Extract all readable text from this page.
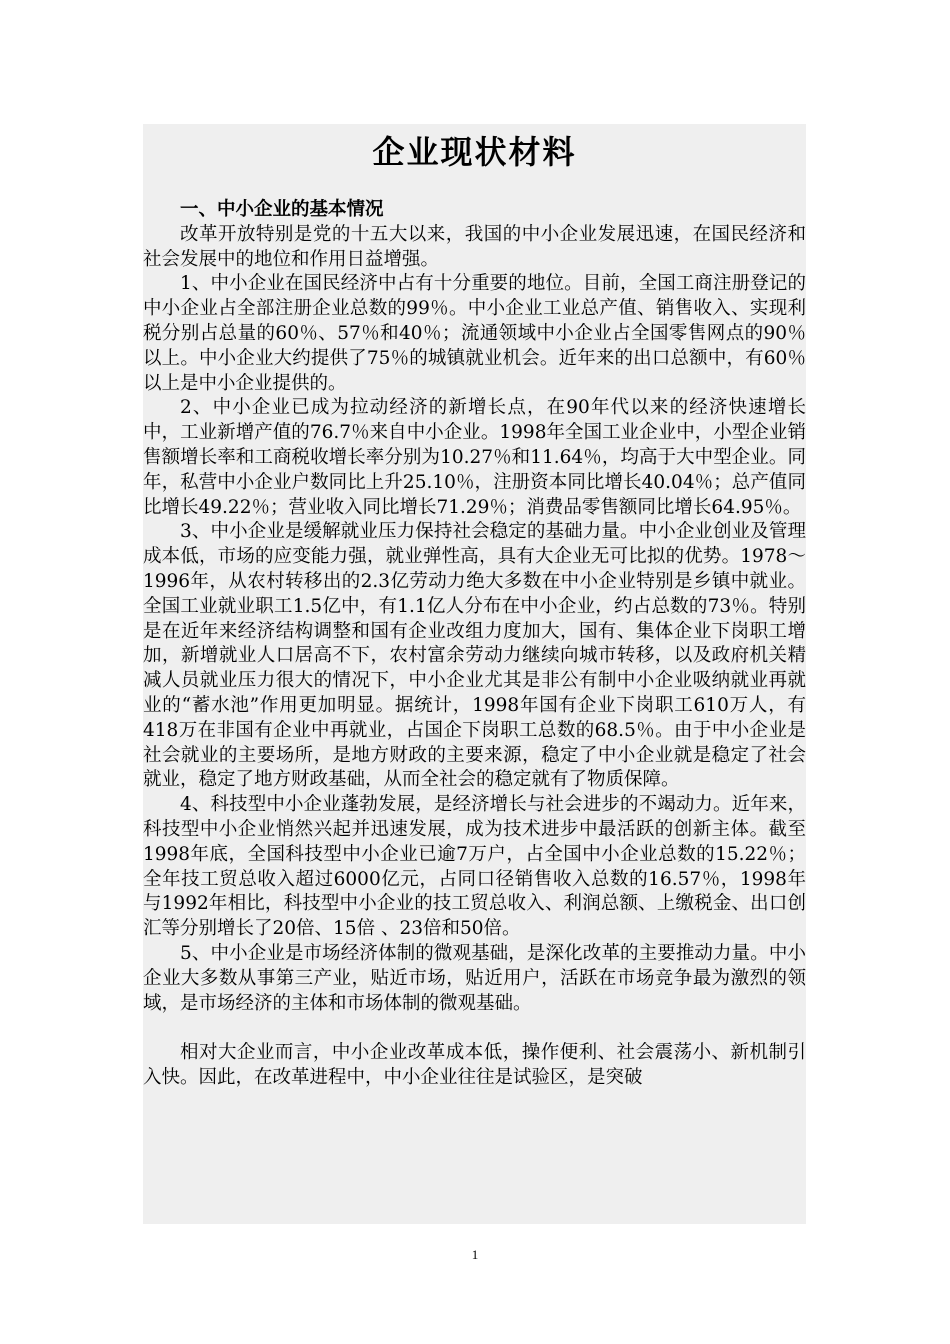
企业现状材料
一、中小企业的基本情况

改革开放特别是党的十五大以来，我国的中小企业发展迅速，在国民经济和社会发展中的地位和作用日益增强。

1、中小企业在国民经济中占有十分重要的地位。目前，全国工商注册登记的中小企业占全部注册企业总数的99％。中小企业工业总产值、销售收入、实现利税分别占总量的60％、57％和40％；流通领域中小企业占全国零售网点的90％以上。中小企业大约提供了75％的城镇就业机会。近年来的出口总额中，有60％以上是中小企业提供的。

2、中小企业已成为拉动经济的新增长点，在90年代以来的经济快速增长中，工业新增产值的76.7％来自中小企业。1998年全国工业企业中，小型企业销售额增长率和工商税收增长率分别为10.27％和11.64％，均高于大中型企业。同年，私营中小企业户数同比上升25.10％，注册资本同比增长40.04％；总产值同比增长49.22％；营业收入同比增长71.29％；消费品零售额同比增长64.95％。

3、中小企业是缓解就业压力保持社会稳定的基础力量。中小企业创业及管理成本低，市场的应变能力强，就业弹性高，具有大企业无可比拟的优势。1978～1996年，从农村转移出的2.3亿劳动力绝大多数在中小企业特别是乡镇中就业。全国工业就业职工1.5亿中，有1.1亿人分布在中小企业，约占总数的73％。特别是在近年来经济结构调整和国有企业改组力度加大，国有、集体企业下岗职工增加，新增就业人口居高不下，农村富余劳动力继续向城市转移，以及政府机关精减人员就业压力很大的情况下，中小企业尤其是非公有制中小企业吸纳就业再就业的“蓄水池”作用更加明显。据统计，1998年国有企业下岗职工610万人，有418万在非国有企业中再就业，占国企下岗职工总数的68.5％。由于中小企业是社会就业的主要场所，是地方财政的主要来源，稳定了中小企业就是稳定了社会就业，稳定了地方财政基础，从而全社会的稳定就有了物质保障。

4、科技型中小企业蓬勃发展，是经济增长与社会进步的不竭动力。近年来，科技型中小企业悄然兴起并迅速发展，成为技术进步中最活跃的创新主体。截至1998年底，全国科技型中小企业已逾7万户，占全国中小企业总数的15.22％；全年技工贸总收入超过6000亿元，占同口径销售收入总数的16.57％，1998年与1992年相比，科技型中小企业的技工贸总收入、利润总额、上缴税金、出口创汇等分别增长了20倍、15倍 、23倍和50倍。

5、中小企业是市场经济体制的微观基础，是深化改革的主要推动力量。中小企业大多数从事第三产业，贴近市场，贴近用户，活跃在市场竞争最为激烈的领域，是市场经济的主体和市场体制的微观基础。

相对大企业而言，中小企业改革成本低，操作便利、社会震荡小、新机制引入快。因此，在改革进程中，中小企业往往是试验区，是突破

1
